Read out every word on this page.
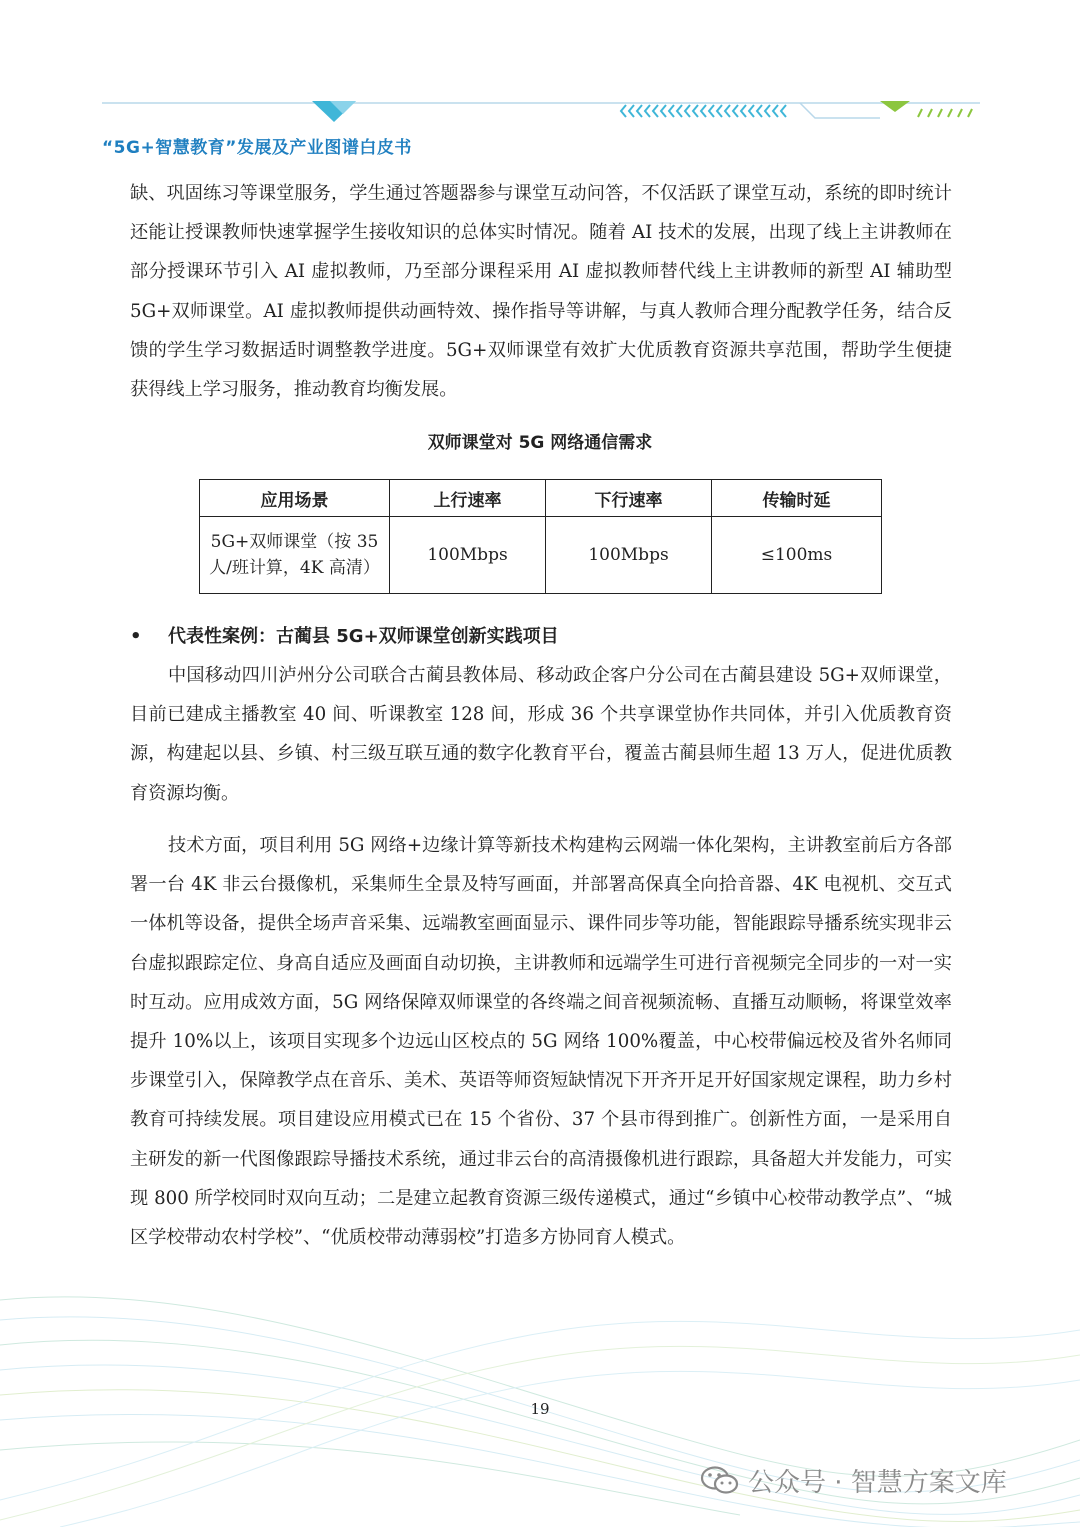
“5G+智慧教育”发展及产业图谱白皮书

缺、巩固练习等课堂服务，学生通过答题器参与课堂互动问答，不仅活跃了课堂互动，系统的即时统计还能让授课教师快速掌握学生接收知识的总体实时情况。随着 AI 技术的发展，出现了线上主讲教师在部分授课环节引入 AI 虚拟教师，乃至部分课程采用 AI 虚拟教师替代线上主讲教师的新型 AI 辅助型 5G+双师课堂。AI 虚拟教师提供动画特效、操作指导等讲解，与真人教师合理分配教学任务，结合反馈的学生学习数据适时调整教学进度。5G+双师课堂有效扩大优质教育资源共享范围，帮助学生便捷获得线上学习服务，推动教育均衡发展。

双师课堂对 5G 网络通信需求
应用场景	上行速率	下行速率	传输时延
5G+双师课堂（按 35 人/班计算，4K 高清）	100Mbps	100Mbps	≤100ms
• 代表性案例：古蔺县 5G+双师课堂创新实践项目

中国移动四川泸州分公司联合古蔺县教体局、移动政企客户分公司在古蔺县建设 5G+双师课堂，目前已建成主播教室 40 间、听课教室 128 间，形成 36 个共享课堂协作共同体，并引入优质教育资源，构建起以县、乡镇、村三级互联互通的数字化教育平台，覆盖古蔺县师生超 13 万人，促进优质教育资源均衡。

技术方面，项目利用 5G 网络+边缘计算等新技术构建构云网端一体化架构，主讲教室前后方各部署一台 4K 非云台摄像机，采集师生全景及特写画面，并部署高保真全向拾音器、4K 电视机、交互式一体机等设备，提供全场声音采集、远端教室画面显示、课件同步等功能，智能跟踪导播系统实现非云台虚拟跟踪定位、身高自适应及画面自动切换，主讲教师和远端学生可进行音视频完全同步的一对一实时互动。应用成效方面，5G 网络保障双师课堂的各终端之间音视频流畅、直播互动顺畅，将课堂效率提升 10%以上，该项目实现多个边远山区校点的 5G 网络 100%覆盖，中心校带偏远校及省外名师同步课堂引入，保障教学点在音乐、美术、英语等师资短缺情况下开齐开足开好国家规定课程，助力乡村教育可持续发展。项目建设应用模式已在 15 个省份、37 个县市得到推广。创新性方面，一是采用自主研发的新一代图像跟踪导播技术系统，通过非云台的高清摄像机进行跟踪，具备超大并发能力，可实现 800 所学校同时双向互动；二是建立起教育资源三级传递模式，通过“乡镇中心校带动教学点”、“城区学校带动农村学校”、“优质校带动薄弱校”打造多方协同育人模式。

19
公众号 · 智慧方案文库
